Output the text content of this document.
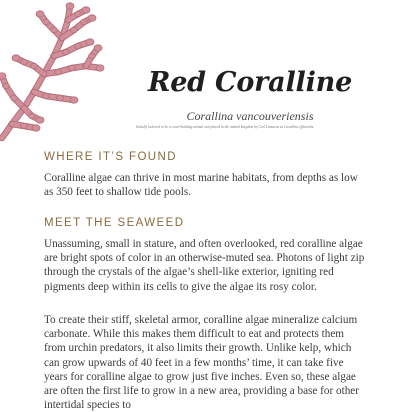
Red Coralline
Corallina vancouveriensis
Initially believed to be a coral-building animal and placed in the animal kingdom by Carl Linnaeus as Corallina officinalis.
WHERE IT’S FOUND
Coralline algae can thrive in most marine habitats, from depths as low as 350 feet to shallow tide pools.
MEET THE SEAWEED
Unassuming, small in stature, and often overlooked, red coralline algae are bright spots of color in an otherwise-muted sea. Photons of light zip through the crystals of the algae’s shell-like exterior, igniting red pigments deep within its cells to give the algae its rosy color.
To create their stiff, skeletal armor, coralline algae mineralize calcium carbonate. While this makes them difficult to eat and protects them from urchin predators, it also limits their growth. Unlike kelp, which can grow upwards of 40 feet in a few months’ time, it can take five years for coralline algae to grow just five inches. Even so, these algae are often the first life to grow in a new area, providing a base for other intertidal species to
